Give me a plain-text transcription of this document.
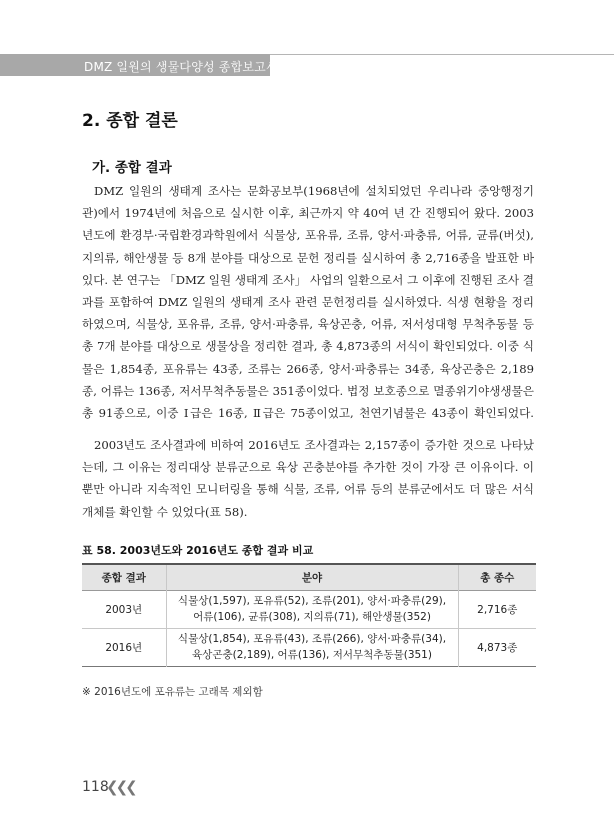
DMZ 일원의 생물다양성 종합보고서
2. 종합 결론
가. 종합 결과
DMZ 일원의 생태계 조사는 문화공보부(1968년에 설치되었던 우리나라 중앙행정기관)에서 1974년에 처음으로 실시한 이후, 최근까지 약 40여 년 간 진행되어 왔다. 2003년도에 환경부·국립환경과학원에서 식물상, 포유류, 조류, 양서·파충류, 어류, 균류(버섯), 지의류, 해안생물 등 8개 분야를 대상으로 문헌 정리를 실시하여 총 2,716종을 발표한 바 있다. 본 연구는 「DMZ 일원 생태계 조사」 사업의 일환으로서 그 이후에 진행된 조사 결과를 포함하여 DMZ 일원의 생태계 조사 관련 문헌정리를 실시하였다. 식생 현황을 정리하였으며, 식물상, 포유류, 조류, 양서·파충류, 육상곤충, 어류, 저서성대형 무척추동물 등 총 7개 분야를 대상으로 생물상을 정리한 결과, 총 4,873종의 서식이 확인되었다. 이중 식물은 1,854종, 포유류는 43종, 조류는 266종, 양서·파충류는 34종, 육상곤충은 2,189종, 어류는 136종, 저서무척추동물은 351종이었다. 법정 보호종으로 멸종위기야생생물은 총 91종으로, 이중 Ⅰ급은 16종, Ⅱ급은 75종이었고, 천연기념물은 43종이 확인되었다.
2003년도 조사결과에 비하여 2016년도 조사결과는 2,157종이 증가한 것으로 나타났는데, 그 이유는 정리대상 분류군으로 육상 곤충분야를 추가한 것이 가장 큰 이유이다. 이뿐만 아니라 지속적인 모니터링을 통해 식물, 조류, 어류 등의 분류군에서도 더 많은 서식개체를 확인할 수 있었다(표 58).
표 58. 2003년도와 2016년도 종합 결과 비교
종합 결과	분야	총 종수
2003년	식물상(1,597), 포유류(52), 조류(201), 양서·파충류(29),
어류(106), 균류(308), 지의류(71), 해안생물(352)	2,716종
2016년	식물상(1,854), 포유류(43), 조류(266), 양서·파충류(34),
육상곤충(2,189), 어류(136), 저서무척추동물(351)	4,873종
※ 2016년도에 포유류는 고래목 제외함
118
❮❮❮
